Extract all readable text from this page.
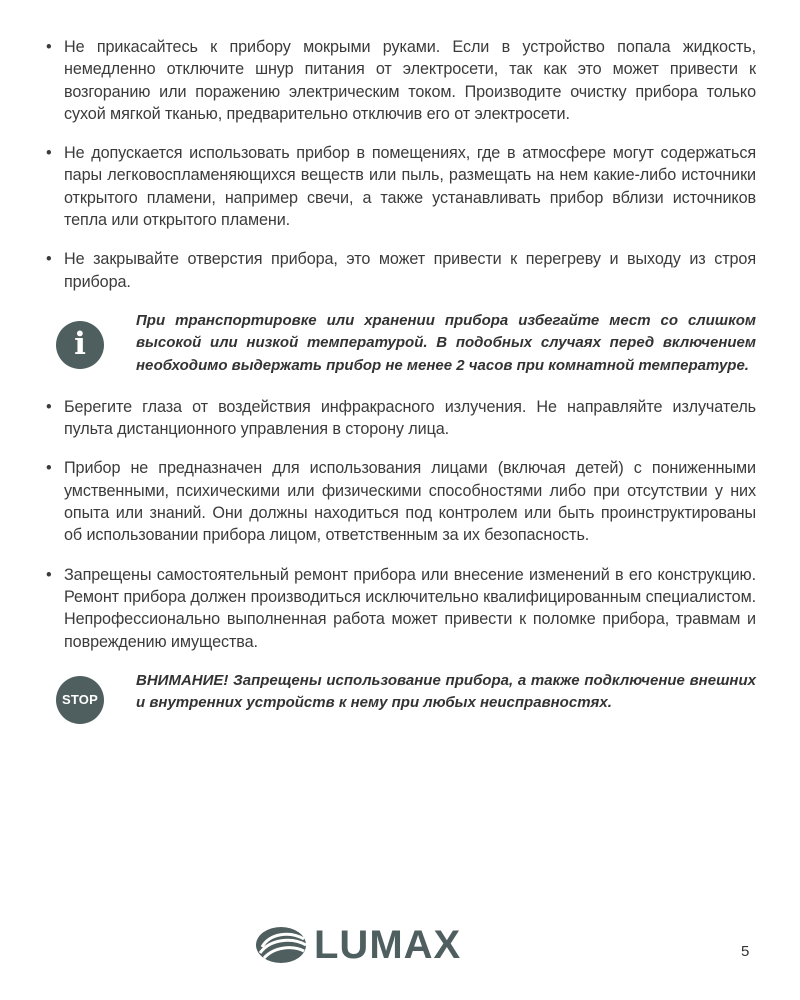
• Не прикасайтесь к прибору мокрыми руками. Если в устройство попала жидкость, немедленно отключите шнур питания от электросети, так как это может привести к возгоранию или поражению электрическим током. Производите очистку прибора только сухой мягкой тканью, предварительно отключив его от электросети.
• Не допускается использовать прибор в помещениях, где в атмосфере могут содержаться пары легковоспламеняющихся веществ или пыль, размещать на нем какие-либо источники открытого пламени, например свечи, а также устанавливать прибор вблизи источников тепла или открытого пламени.
• Не закрывайте отверстия прибора, это может привести к перегреву и выходу из строя прибора.
i
При транспортировке или хранении прибора избегайте мест со слишком высокой или низкой температурой. В подобных случаях перед включением необходимо выдержать прибор не менее 2 часов при комнатной температуре.
• Берегите глаза от воздействия инфракрасного излучения. Не направляйте излучатель пульта дистанционного управления в сторону лица.
• Прибор не предназначен для использования лицами (включая детей) с пониженными умственными, психическими или физическими способностями либо при отсутствии у них опыта или знаний. Они должны находиться под контролем или быть проинструктированы об использовании прибора лицом, ответственным за их безопасность.
• Запрещены самостоятельный ремонт прибора или внесение изменений в его конструкцию. Ремонт прибора должен производиться исключительно квалифицированным специалистом. Непрофессионально выполненная работа может привести к поломке прибора, травмам и повреждению имущества.
STOP
ВНИМАНИЕ! Запрещены использование прибора, а также подключение внешних и внутренних устройств к нему при любых неисправностях.
LUMAX	5
